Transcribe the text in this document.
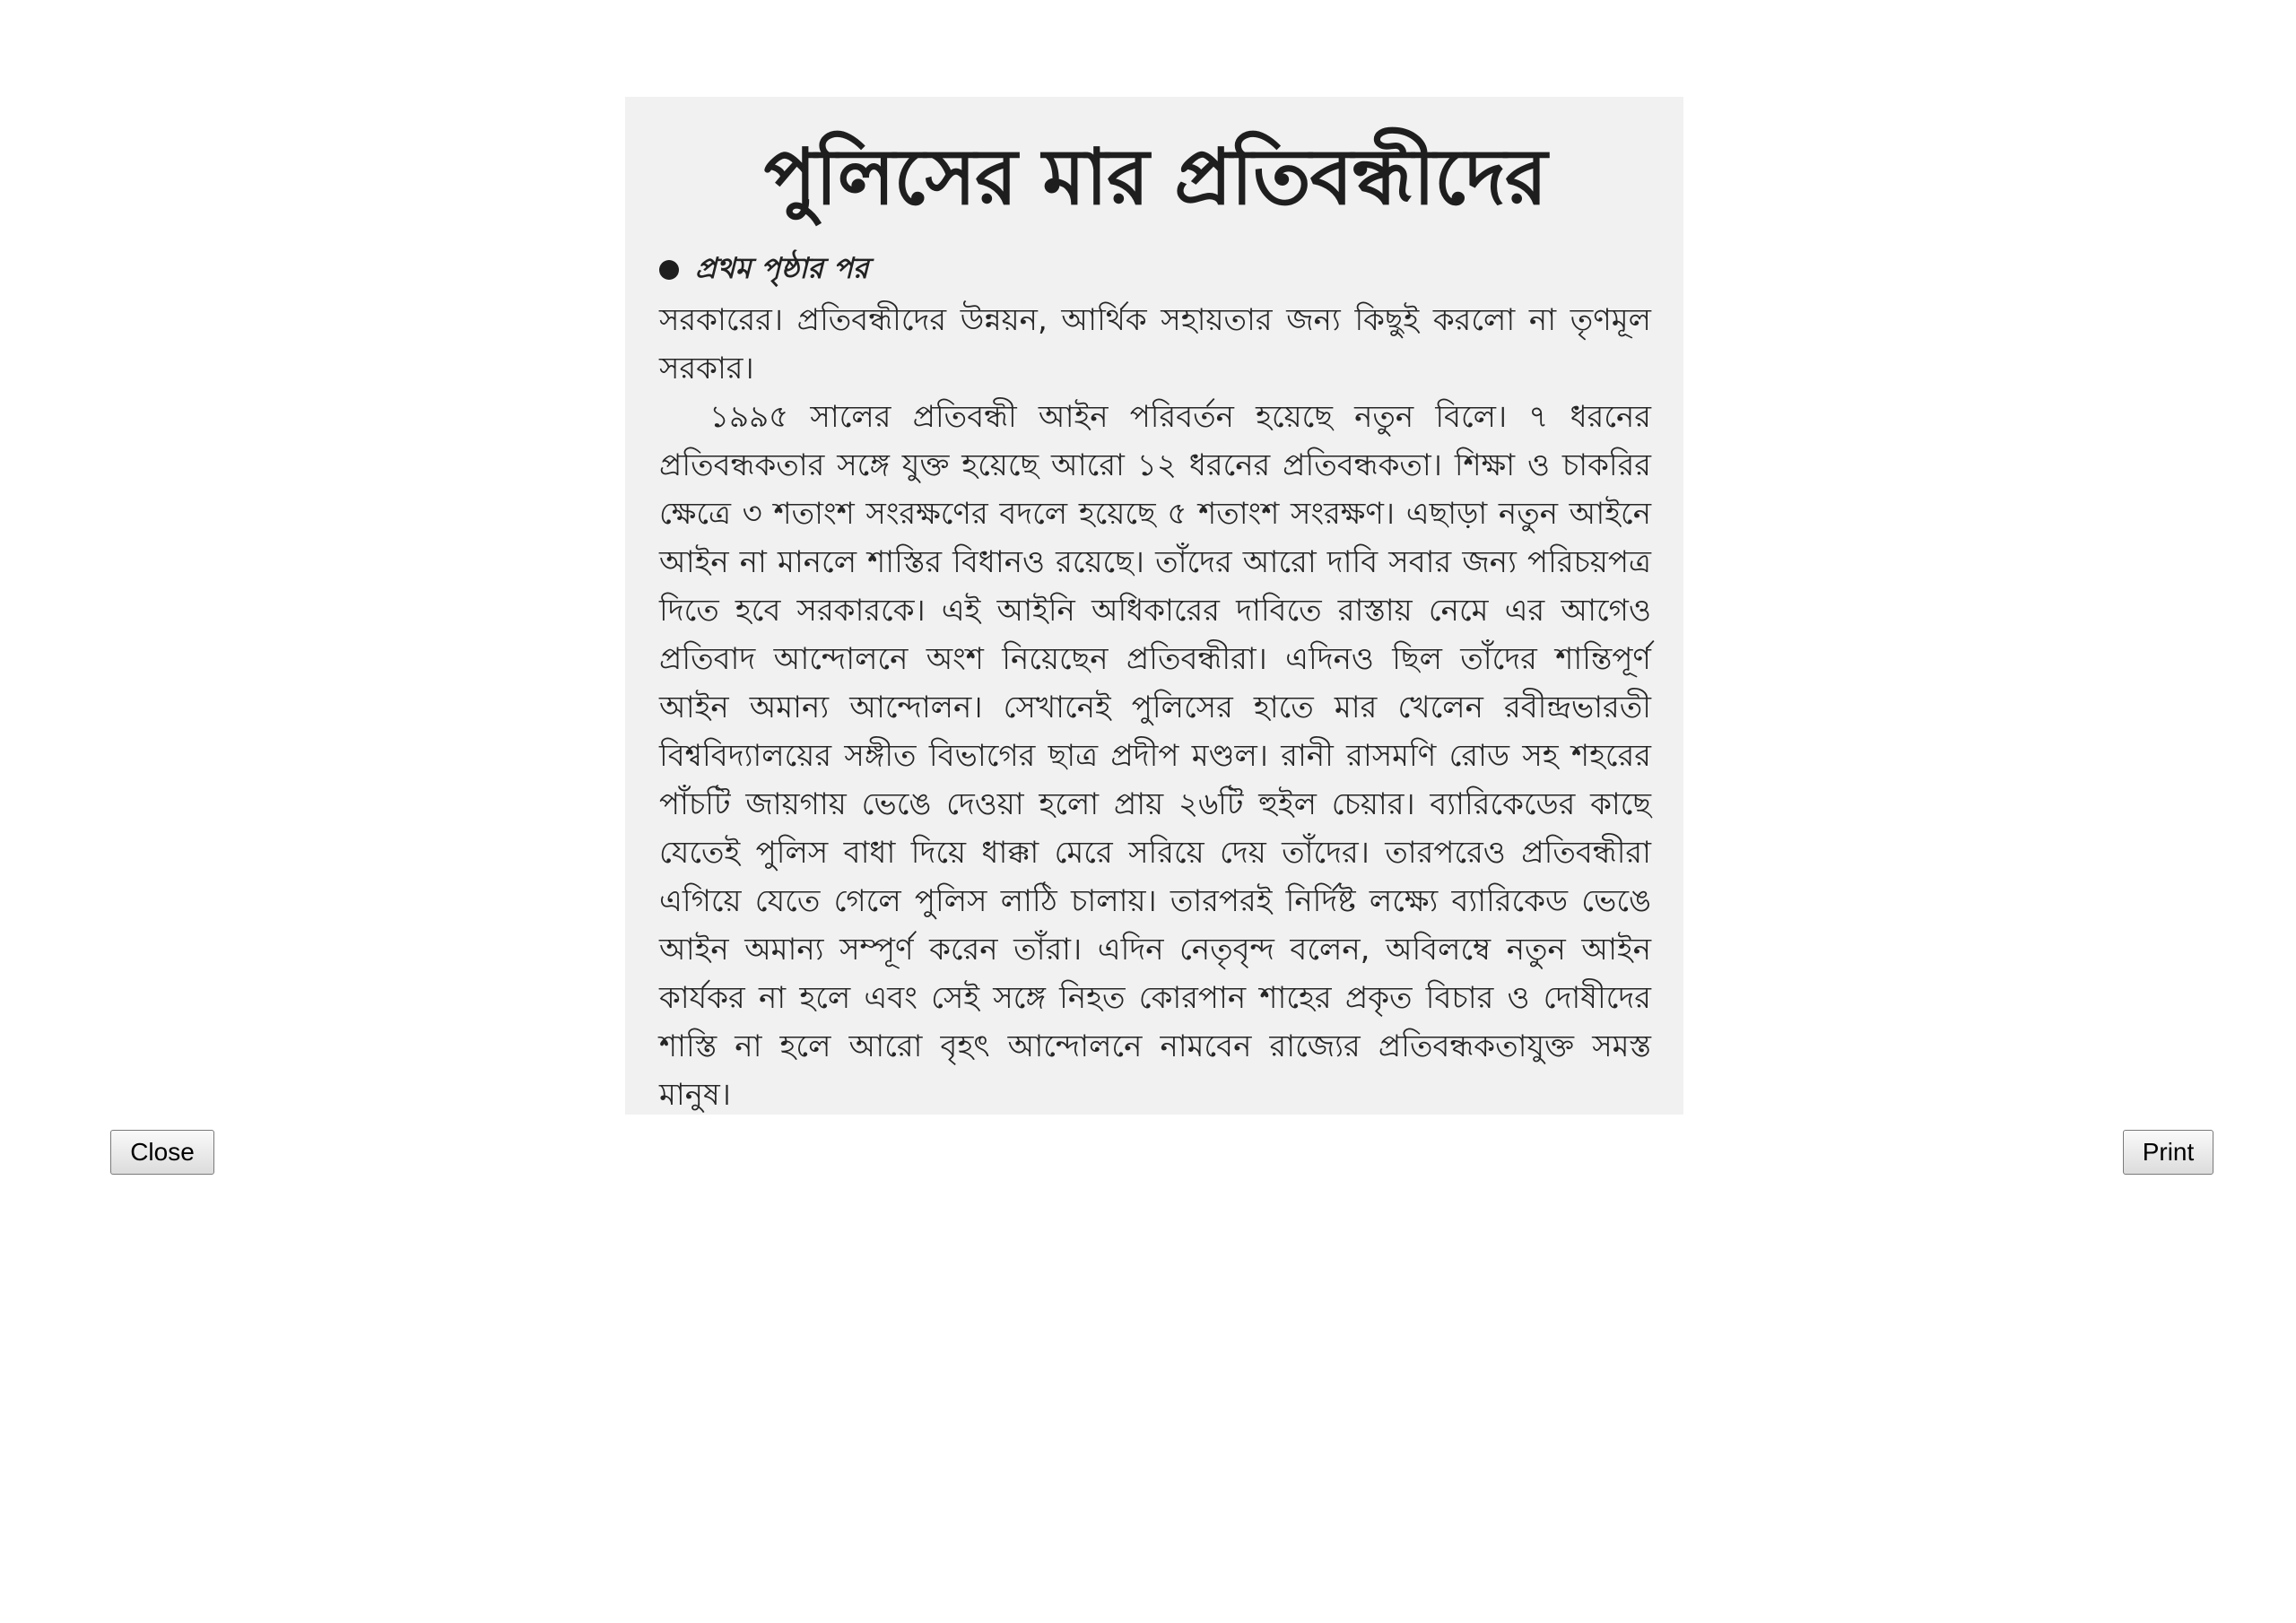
পুলিসের মার প্রতিবন্ধীদের
প্রথম পৃষ্ঠার পর

সরকারের। প্রতিবন্ধীদের উন্নয়ন, আর্থিক সহায়তার জন্য কিছুই করলো না তৃণমূল সরকার।

১৯৯৫ সালের প্রতিবন্ধী আইন পরিবর্তন হয়েছে নতুন বিলে। ৭ ধরনের প্রতিবন্ধকতার সঙ্গে যুক্ত হয়েছে আরো ১২ ধরনের প্রতিবন্ধকতা। শিক্ষা ও চাকরির ক্ষেত্রে ৩ শতাংশ সংরক্ষণের বদলে হয়েছে ৫ শতাংশ সংরক্ষণ। এছাড়া নতুন আইনে আইন না মানলে শাস্তির বিধানও রয়েছে। তাঁদের আরো দাবি সবার জন্য পরিচয়পত্র দিতে হবে সরকারকে। এই আইনি অধিকারের দাবিতে রাস্তায় নেমে এর আগেও প্রতিবাদ আন্দোলনে অংশ নিয়েছেন প্রতিবন্ধীরা। এদিনও ছিল তাঁদের শান্তিপূর্ণ আইন অমান্য আন্দোলন। সেখানেই পুলিসের হাতে মার খেলেন রবীন্দ্রভারতী বিশ্ববিদ্যালয়ের সঙ্গীত বিভাগের ছাত্র প্রদীপ মণ্ডল। রানী রাসমণি রোড সহ শহরের পাঁচটি জায়গায় ভেঙে দেওয়া হলো প্রায় ২৬টি হুইল চেয়ার। ব্যারিকেডের কাছে যেতেই পুলিস বাধা দিয়ে ধাক্কা মেরে সরিয়ে দেয় তাঁদের। তারপরেও প্রতিবন্ধীরা এগিয়ে যেতে গেলে পুলিস লাঠি চালায়। তারপরই নির্দিষ্ট লক্ষ্যে ব্যারিকেড ভেঙে আইন অমান্য সম্পূর্ণ করেন তাঁরা। এদিন নেতৃবৃন্দ বলেন, অবিলম্বে নতুন আইন কার্যকর না হলে এবং সেই সঙ্গে নিহত কোরপান শাহের প্রকৃত বিচার ও দোষীদের শাস্তি না হলে আরো বৃহৎ আন্দোলনে নামবেন রাজ্যের প্রতিবন্ধকতাযুক্ত সমস্ত মানুষ।

Close	Print
